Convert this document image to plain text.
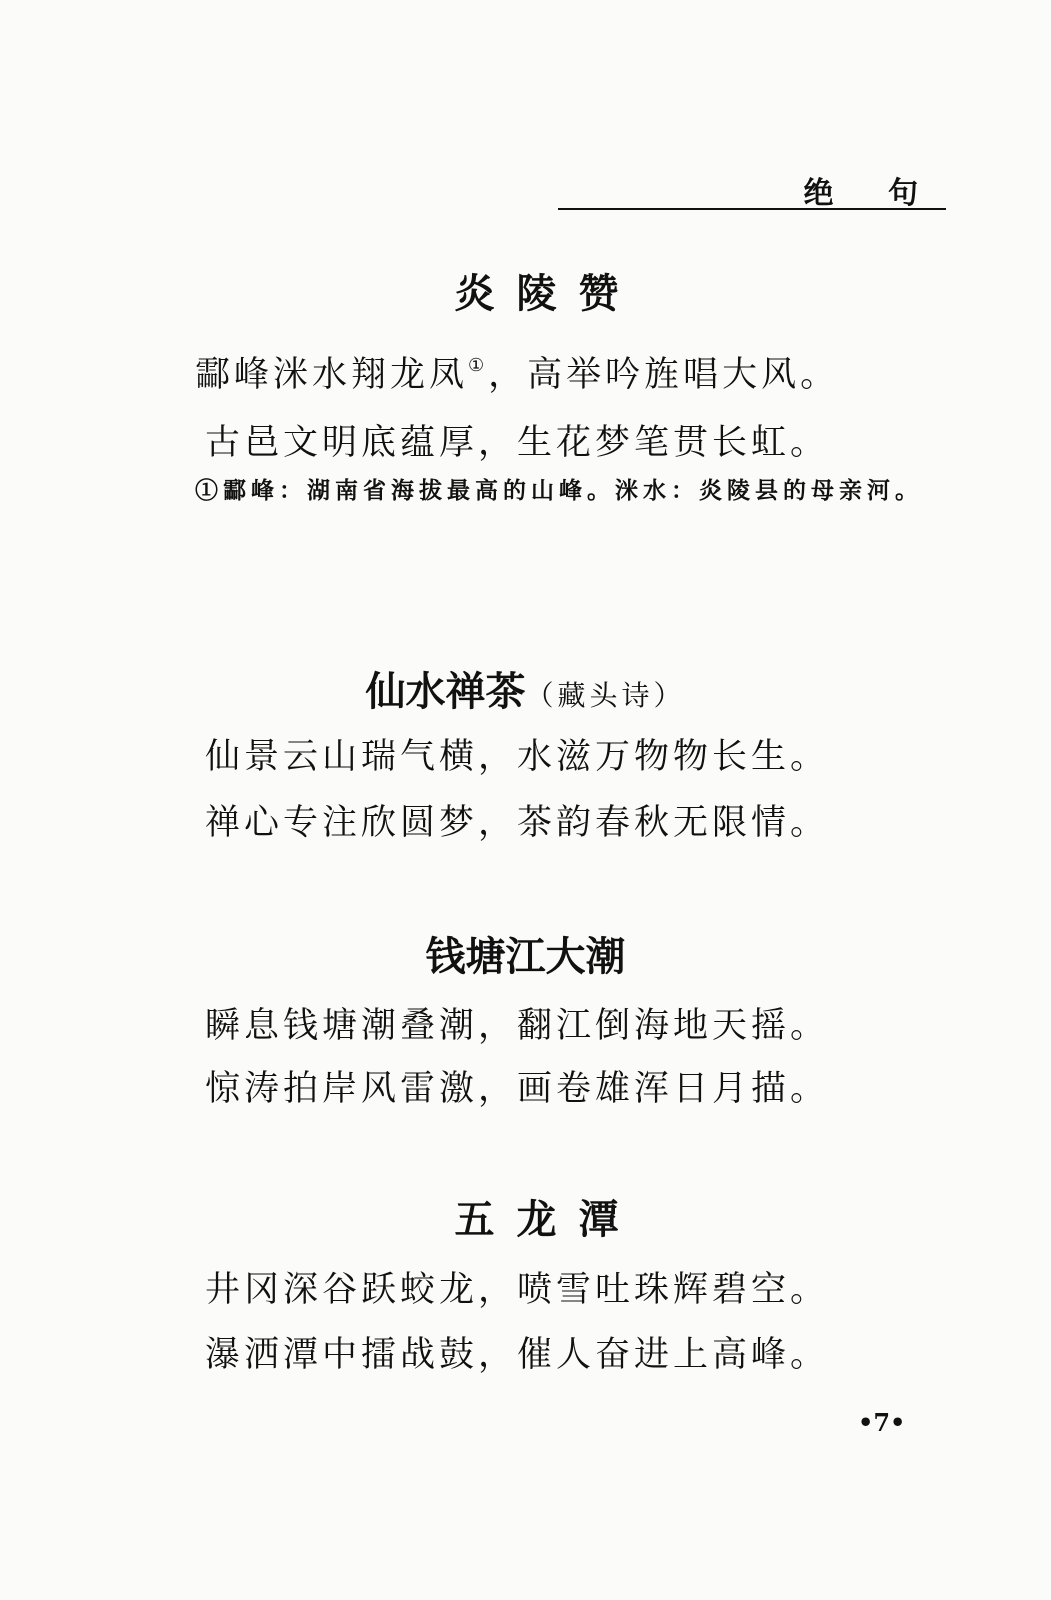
绝 句
炎陵赞
酃峰洣水翔龙凤①，高举吟旌唱大风。
古邑文明底蕴厚，生花梦笔贯长虹。
①酃峰：湖南省海拔最高的山峰。洣水：炎陵县的母亲河。
仙水禅茶（藏头诗）
仙景云山瑞气横，水滋万物物长生。
禅心专注欣圆梦，茶韵春秋无限情。
钱塘江大潮
瞬息钱塘潮叠潮，翻江倒海地天摇。
惊涛拍岸风雷激，画卷雄浑日月描。
五龙潭
井冈深谷跃蛟龙，喷雪吐珠辉碧空。
瀑洒潭中擂战鼓，催人奋进上高峰。
•7•
